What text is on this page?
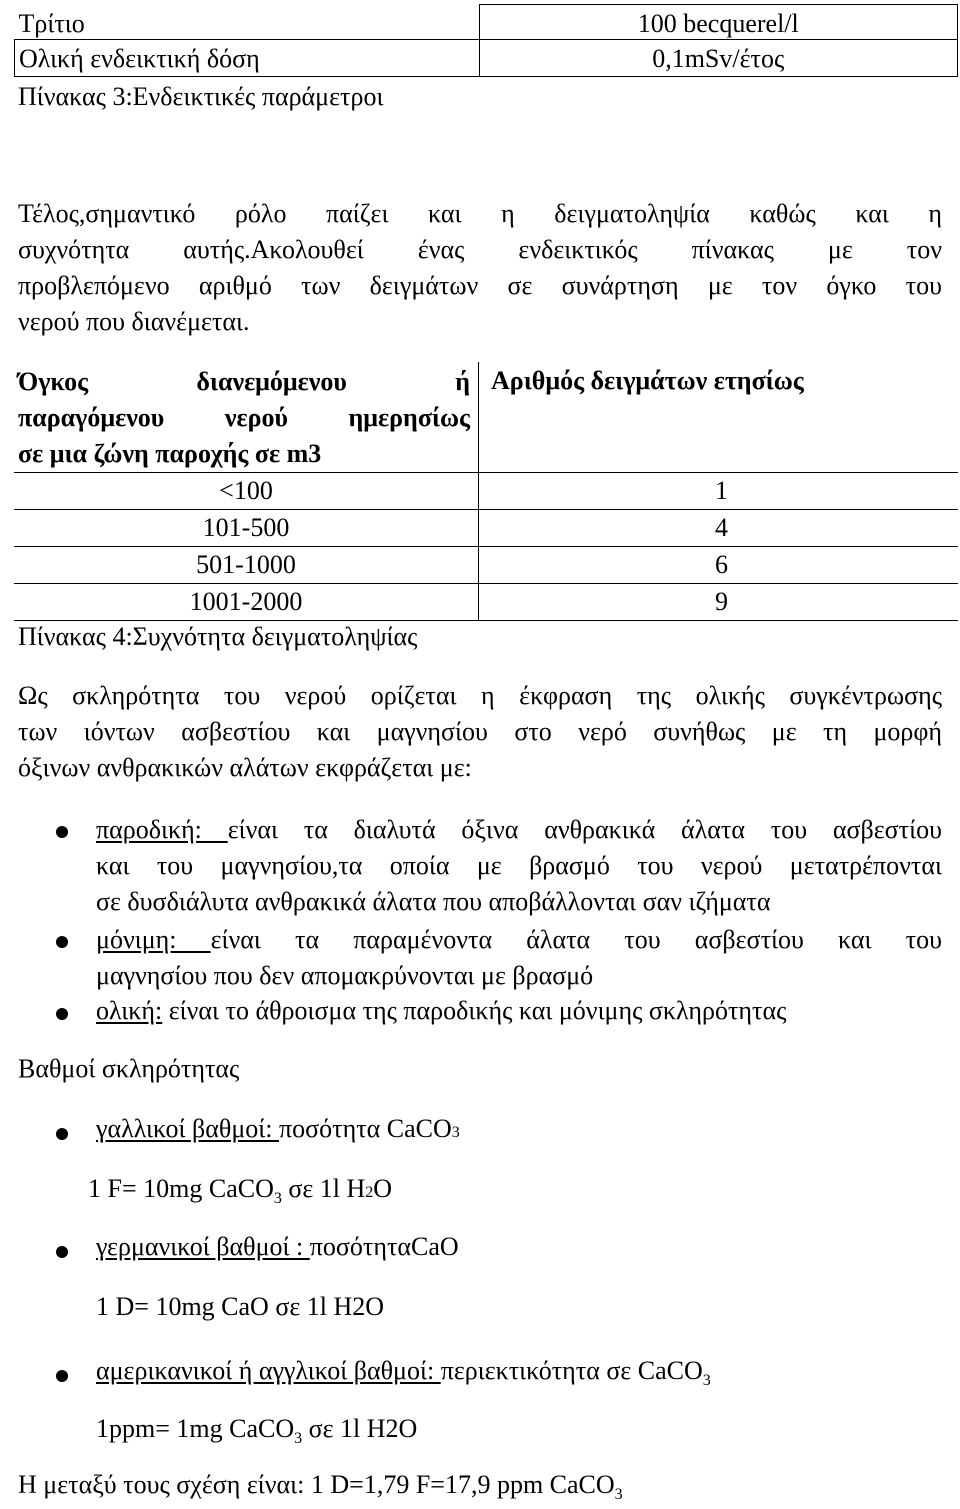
Τρίτιο	100 becquerel/l

Ολική ενδεικτική δόση	0,1mSv/έτος
Πίνακας 3:Ενδεικτικές παράμετροι
Τέλος,σημαντικό ρόλο παίζει και η δειγματοληψία καθώς και η
συχνότητα αυτής.Ακολουθεί ένας ενδεικτικός πίνακας με τον
προβλεπόμενο αριθμό των δειγμάτων σε συνάρτηση με τον όγκο του
νερού που διανέμεται.
Όγκος διανεμόμενου ή
παραγόμενου νερού ημερησίως
σε μια ζώνη παροχής σε m3	Αριθμός δειγμάτων ετησίως

<100	1

101-500	4

501-1000	6

1001-2000	9
Πίνακας 4:Συχνότητα δειγματοληψίας
Ως σκληρότητα του νερού ορίζεται η έκφραση της ολικής συγκέντρωσης
των ιόντων ασβεστίου και μαγνησίου στο νερό συνήθως με τη μορφή
όξινων ανθρακικών αλάτων εκφράζεται με:
παροδική: είναι τα διαλυτά όξινα ανθρακικά άλατα του ασβεστίου
και του μαγνησίου,τα οποία με βρασμό του νερού μετατρέπονται
σε δυσδιάλυτα ανθρακικά άλατα που αποβάλλονται σαν ιζήματα
μόνιμη: είναι τα παραμένοντα άλατα του ασβεστίου και του
μαγνησίου που δεν απομακρύνονται με βρασμό
ολική: είναι το άθροισμα της παροδικής και μόνιμης σκληρότητας
Βαθμοί σκληρότητας
γαλλικοί βαθμοί: ποσότητα CaCO3
1 F= 10mg CaCO$_3$ σε 1l H2O
γερμανικοί βαθμοί : ποσότηταCaO
1 D= 10mg CaO σε 1l H2O
αμερικανικοί ή αγγλικοί βαθμοί: περιεκτικότητα σε CaCO$_3$
1ppm= 1mg CaCO$_3$ σε 1l H2O
Η μεταξύ τους σχέση είναι: 1 D=1,79 F=17,9 ppm CaCO$_3$
